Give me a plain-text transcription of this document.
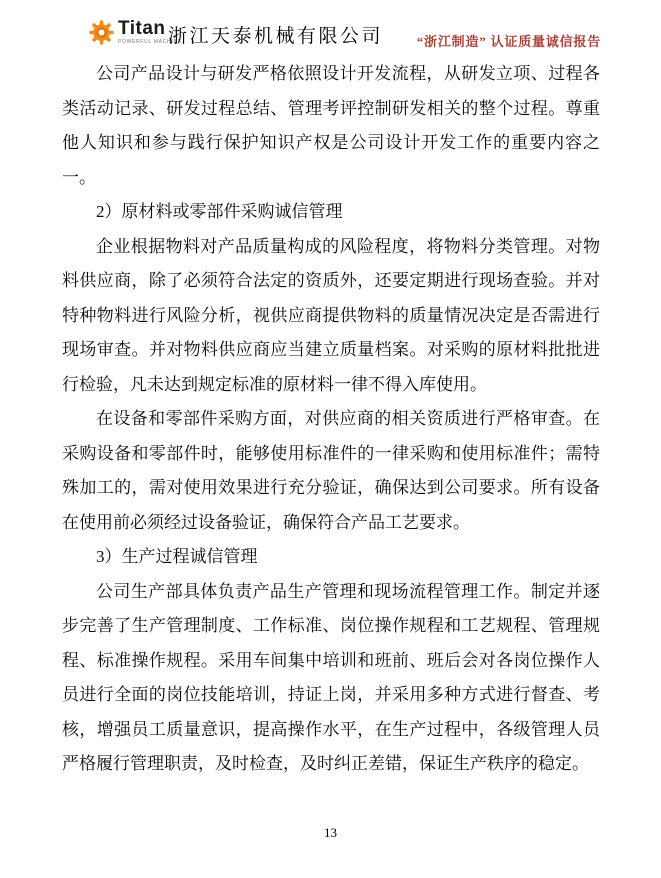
Titan
POWERFUL MACHINE
浙江天泰机械有限公司	“浙江制造” 认证质量诚信报告

公司产品设计与研发严格依照设计开发流程，从研发立项、过程各类活动记录、研发过程总结、管理考评控制研发相关的整个过程。尊重他人知识和参与践行保护知识产权是公司设计开发工作的重要内容之一。

2）原材料或零部件采购诚信管理

企业根据物料对产品质量构成的风险程度，将物料分类管理。对物料供应商，除了必须符合法定的资质外，还要定期进行现场查验。并对特种物料进行风险分析，视供应商提供物料的质量情况决定是否需进行现场审查。并对物料供应商应当建立质量档案。对采购的原材料批批进行检验，凡未达到规定标准的原材料一律不得入库使用。

在设备和零部件采购方面，对供应商的相关资质进行严格审查。在采购设备和零部件时，能够使用标准件的一律采购和使用标准件；需特殊加工的，需对使用效果进行充分验证，确保达到公司要求。所有设备在使用前必须经过设备验证，确保符合产品工艺要求。

3）生产过程诚信管理

公司生产部具体负责产品生产管理和现场流程管理工作。制定并逐步完善了生产管理制度、工作标准、岗位操作规程和工艺规程、管理规程、标准操作规程。采用车间集中培训和班前、班后会对各岗位操作人员进行全面的岗位技能培训，持证上岗，并采用多种方式进行督查、考核，增强员工质量意识，提高操作水平，在生产过程中，各级管理人员严格履行管理职责，及时检查，及时纠正差错，保证生产秩序的稳定。

13
